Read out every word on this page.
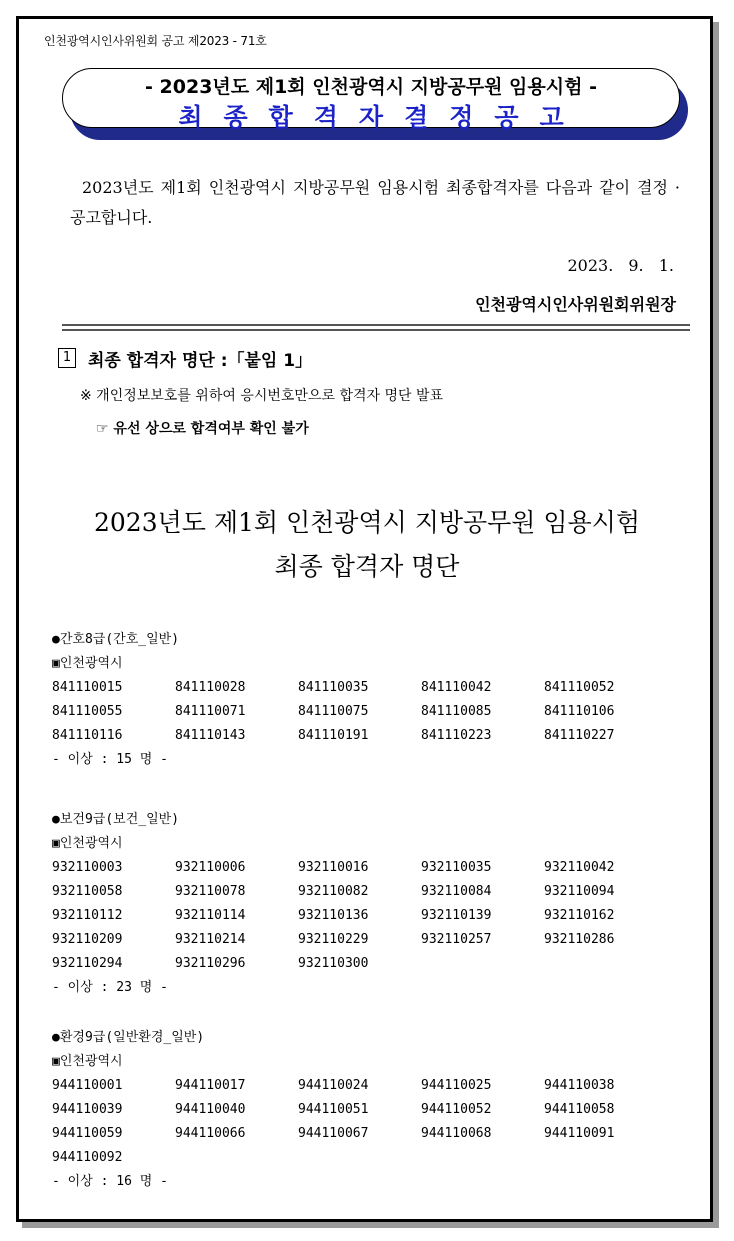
인천광역시인사위원회 공고 제2023 - 71호
- 2023년도 제1회 인천광역시 지방공무원 임용시험 -
최종합격자결정공고
2023년도 제1회 인천광역시 지방공무원 임용시험 최종합격자를 다음과 같이 결정 · 공고합니다.
2023. 9. 1.
인천광역시인사위원회위원장
1 최종 합격자 명단 :「붙임 1」
※ 개인정보보호를 위하여 응시번호만으로 합격자 명단 발표
☞ 유선 상으로 합격여부 확인 불가
2023년도 제1회 인천광역시 지방공무원 임용시험
최종 합격자 명단
●간호8급(간호_일반)
▣인천광역시
841110015	841110028	841110035	841110042	841110052
841110055	841110071	841110075	841110085	841110106
841110116	841110143	841110191	841110223	841110227
- 이상 : 15 명 -
●보건9급(보건_일반)
▣인천광역시
932110003	932110006	932110016	932110035	932110042
932110058	932110078	932110082	932110084	932110094
932110112	932110114	932110136	932110139	932110162
932110209	932110214	932110229	932110257	932110286
932110294	932110296	932110300
- 이상 : 23 명 -
●환경9급(일반환경_일반)
▣인천광역시
944110001	944110017	944110024	944110025	944110038
944110039	944110040	944110051	944110052	944110058
944110059	944110066	944110067	944110068	944110091
944110092
- 이상 : 16 명 -
